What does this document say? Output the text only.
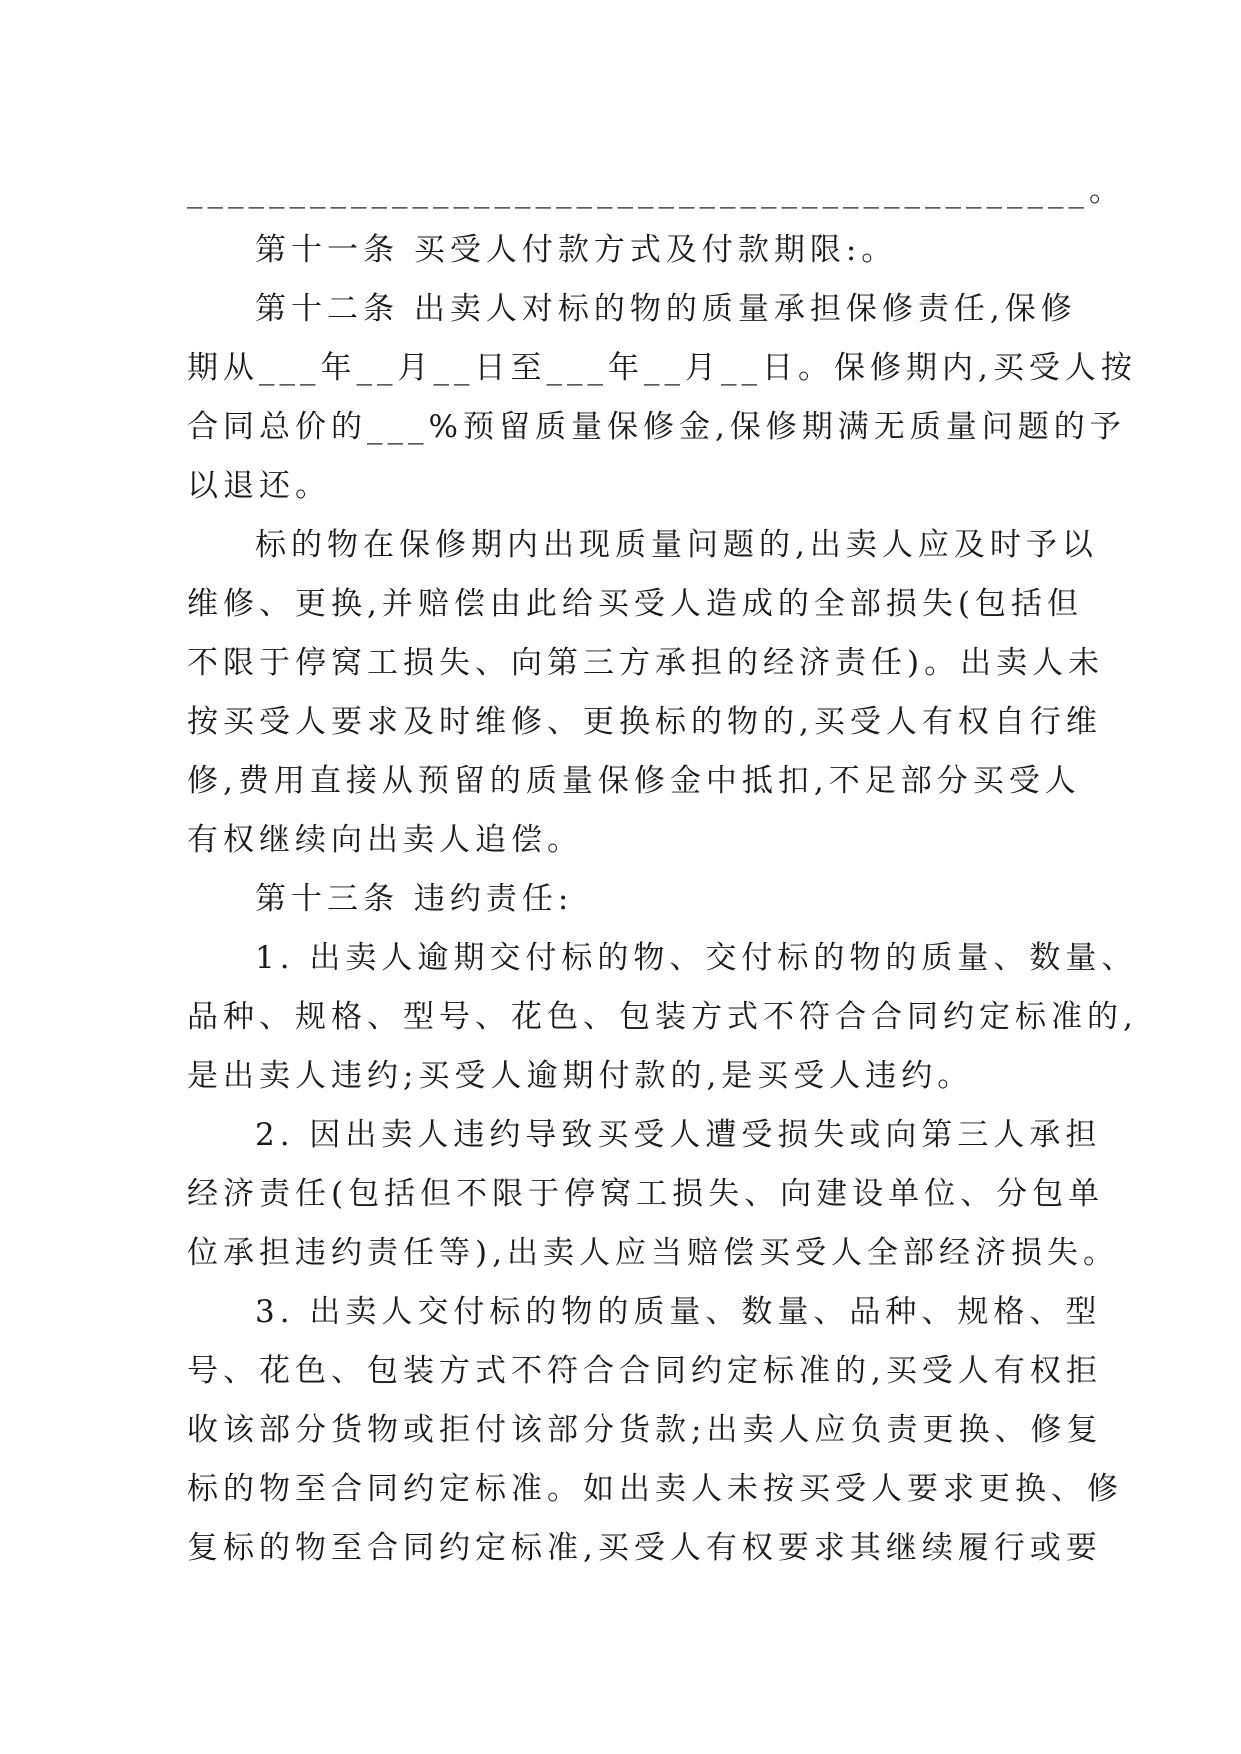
____________________________________________。
第十一条 买受人付款方式及付款期限:。
第十二条 出卖人对标的物的质量承担保修责任,保修
期从___年__月__日至___年__月__日。保修期内,买受人按
合同总价的___%预留质量保修金,保修期满无质量问题的予
以退还。
标的物在保修期内出现质量问题的,出卖人应及时予以
维修、更换,并赔偿由此给买受人造成的全部损失(包括但
不限于停窝工损失、向第三方承担的经济责任)。出卖人未
按买受人要求及时维修、更换标的物的,买受人有权自行维
修,费用直接从预留的质量保修金中抵扣,不足部分买受人
有权继续向出卖人追偿。
第十三条 违约责任:
1. 出卖人逾期交付标的物、交付标的物的质量、数量、
品种、规格、型号、花色、包装方式不符合合同约定标准的,
是出卖人违约;买受人逾期付款的,是买受人违约。
2. 因出卖人违约导致买受人遭受损失或向第三人承担
经济责任(包括但不限于停窝工损失、向建设单位、分包单
位承担违约责任等),出卖人应当赔偿买受人全部经济损失。
3. 出卖人交付标的物的质量、数量、品种、规格、型
号、花色、包装方式不符合合同约定标准的,买受人有权拒
收该部分货物或拒付该部分货款;出卖人应负责更换、修复
标的物至合同约定标准。如出卖人未按买受人要求更换、修
复标的物至合同约定标准,买受人有权要求其继续履行或要
